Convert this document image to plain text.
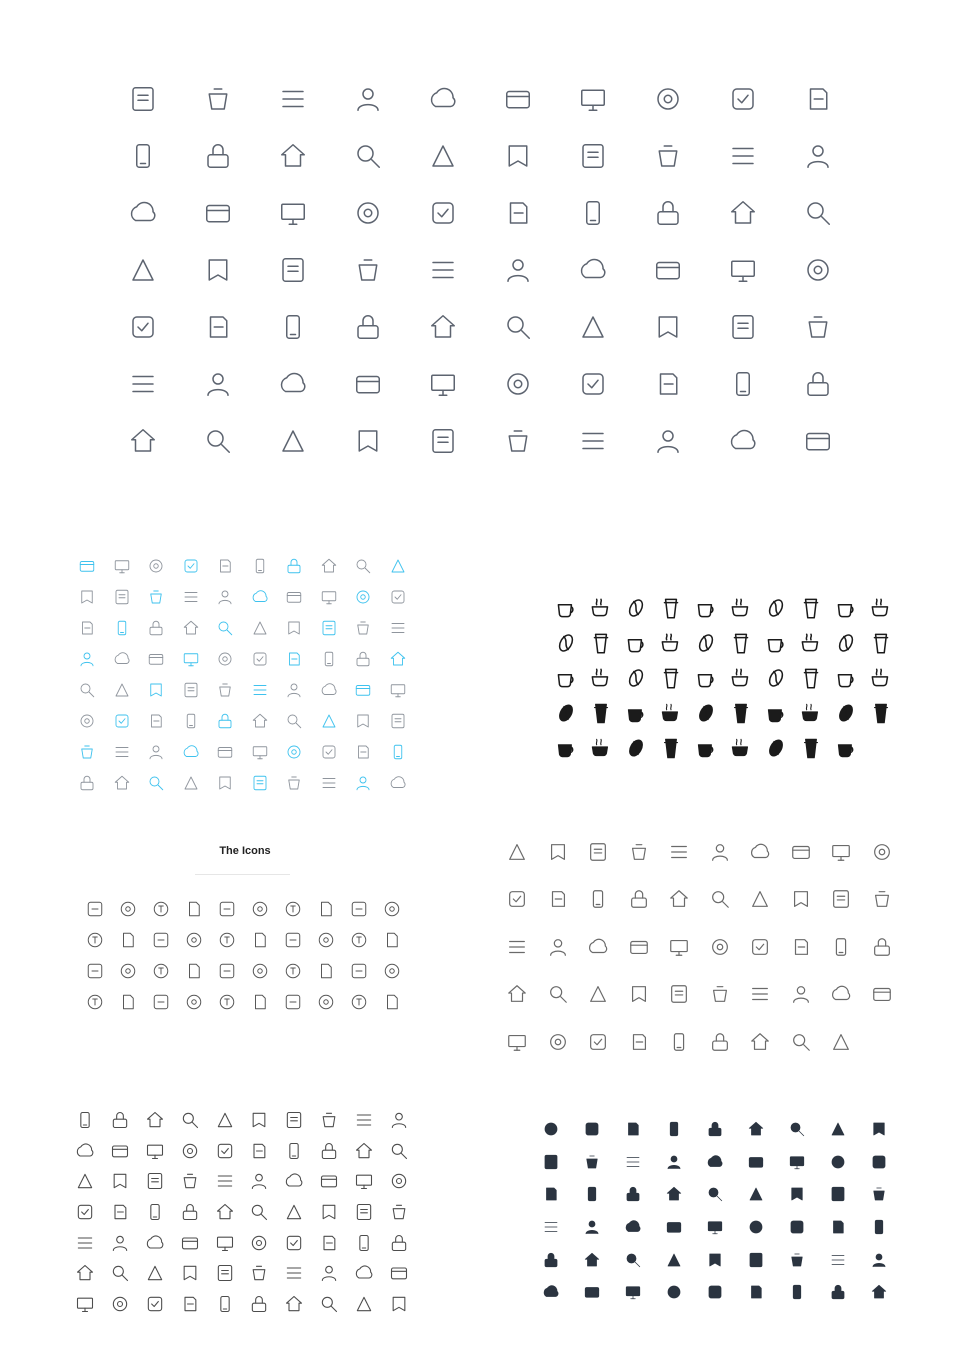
The Icons
